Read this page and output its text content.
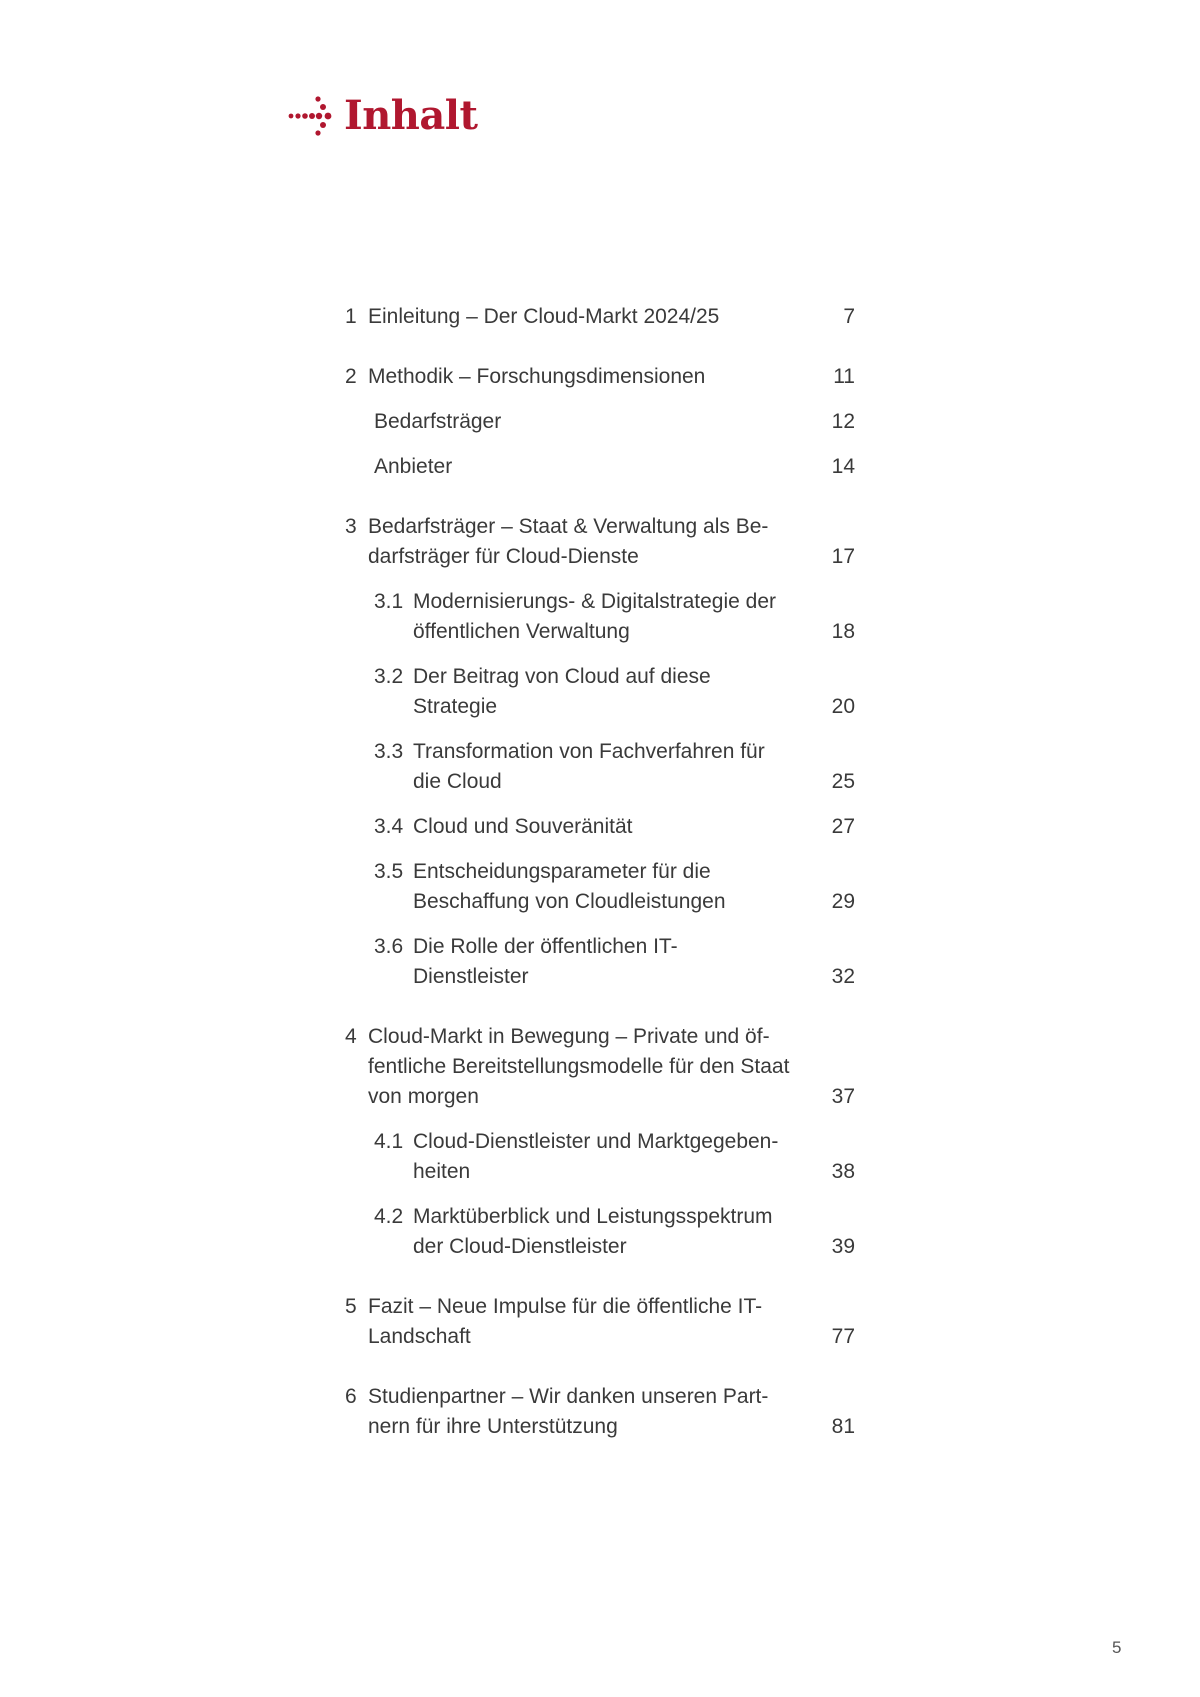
Inhalt
1 Einleitung – Der Cloud-Markt 2024/25	7
2 Methodik – Forschungsdimensionen	11
Bedarfsträger	12
Anbieter	14
3 Bedarfsträger – Staat & Verwaltung als Bedarfsträger für Cloud-Dienste	17
3.1 Modernisierungs- & Digitalstrategie der öffentlichen Verwaltung	18
3.2 Der Beitrag von Cloud auf diese Strategie	20
3.3 Transformation von Fachverfahren für die Cloud	25
3.4 Cloud und Souveränität	27
3.5 Entscheidungsparameter für die Beschaffung von Cloudleistungen	29
3.6 Die Rolle der öffentlichen IT-Dienstleister	32
4 Cloud-Markt in Bewegung – Private und öffentliche Bereitstellungsmodelle für den Staat von morgen	37
4.1 Cloud-Dienstleister und Marktgegebenheiten	38
4.2 Marktüberblick und Leistungsspektrum der Cloud-Dienstleister	39
5 Fazit – Neue Impulse für die öffentliche IT-Landschaft	77
6 Studienpartner – Wir danken unseren Partnern für ihre Unterstützung	81
5
